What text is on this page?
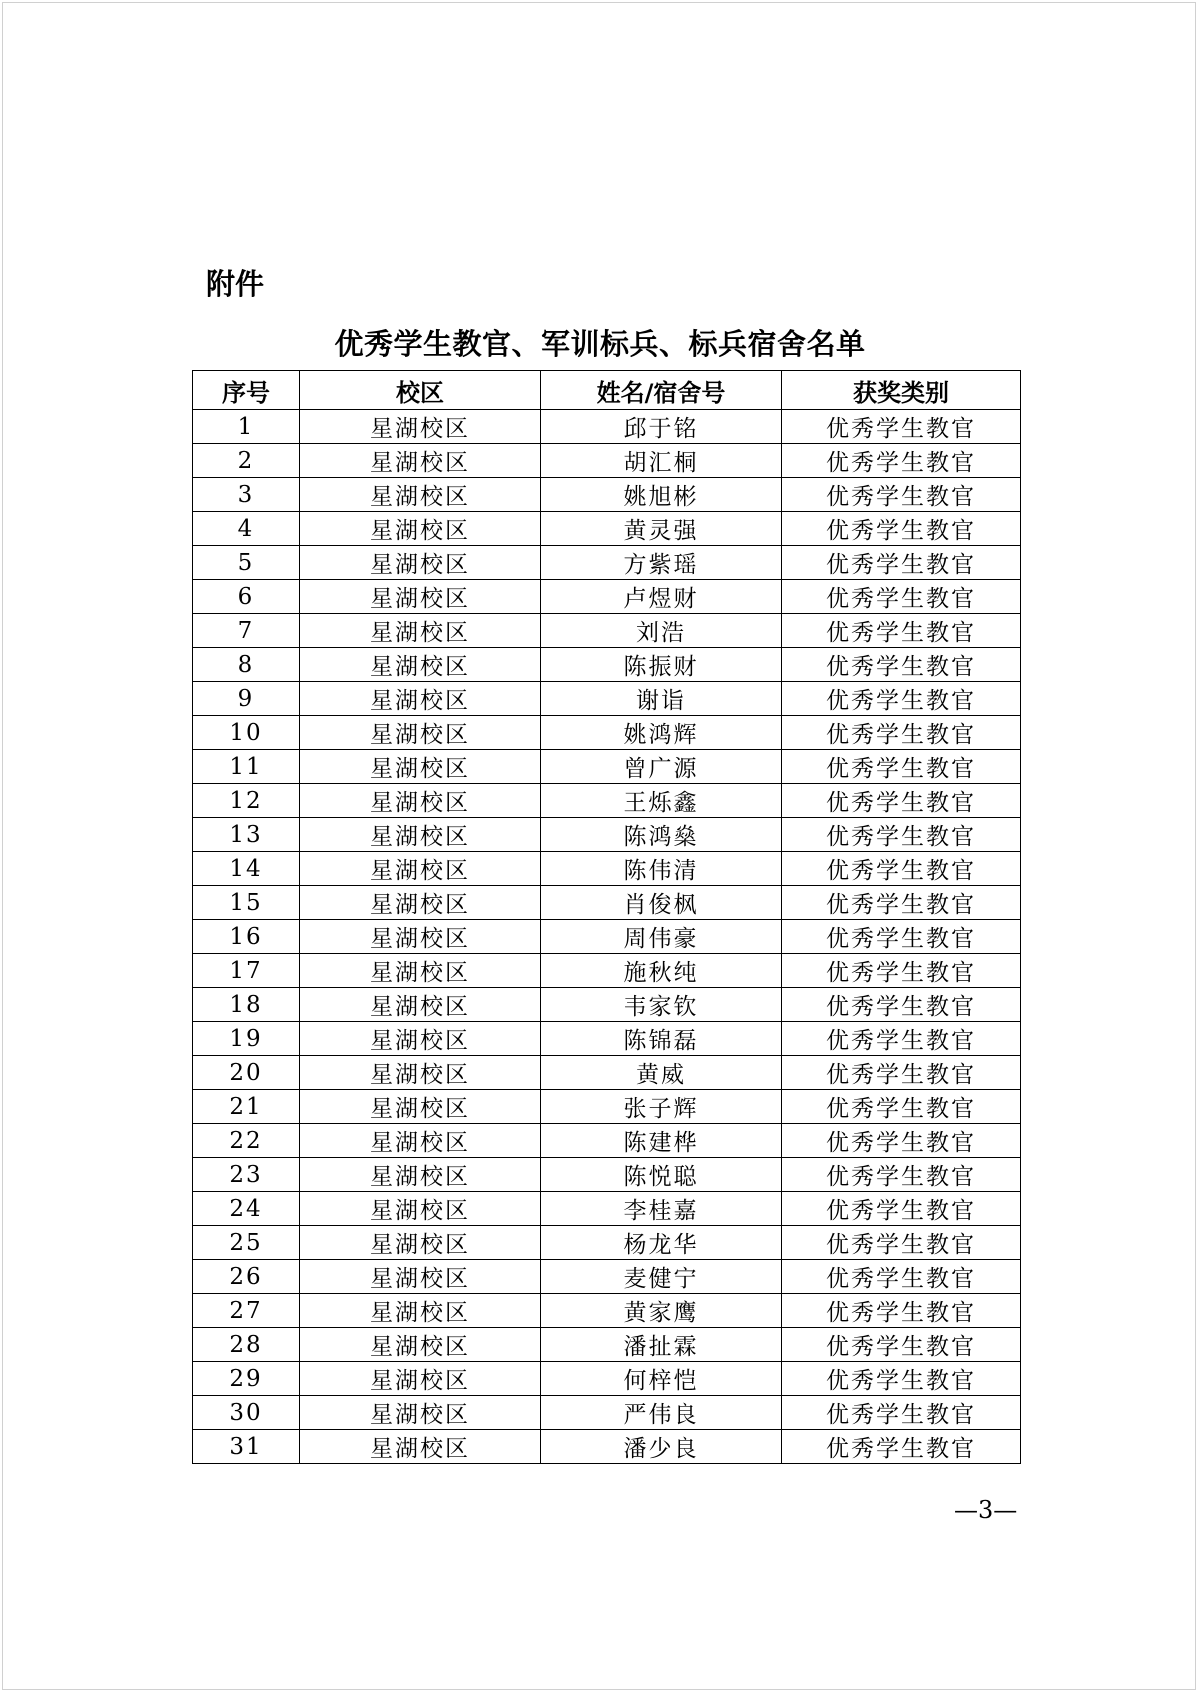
附件
优秀学生教官、军训标兵、标兵宿舍名单
序号	校区	姓名/宿舍号	获奖类别
1	星湖校区	邱于铭	优秀学生教官
2	星湖校区	胡汇桐	优秀学生教官
3	星湖校区	姚旭彬	优秀学生教官
4	星湖校区	黄灵强	优秀学生教官
5	星湖校区	方紫瑶	优秀学生教官
6	星湖校区	卢煜财	优秀学生教官
7	星湖校区	刘浩	优秀学生教官
8	星湖校区	陈振财	优秀学生教官
9	星湖校区	谢诣	优秀学生教官
10	星湖校区	姚鸿辉	优秀学生教官
11	星湖校区	曾广源	优秀学生教官
12	星湖校区	王烁鑫	优秀学生教官
13	星湖校区	陈鸿燊	优秀学生教官
14	星湖校区	陈伟清	优秀学生教官
15	星湖校区	肖俊枫	优秀学生教官
16	星湖校区	周伟豪	优秀学生教官
17	星湖校区	施秋纯	优秀学生教官
18	星湖校区	韦家钦	优秀学生教官
19	星湖校区	陈锦磊	优秀学生教官
20	星湖校区	黄威	优秀学生教官
21	星湖校区	张子辉	优秀学生教官
22	星湖校区	陈建桦	优秀学生教官
23	星湖校区	陈悦聪	优秀学生教官
24	星湖校区	李桂嘉	优秀学生教官
25	星湖校区	杨龙华	优秀学生教官
26	星湖校区	麦健宁	优秀学生教官
27	星湖校区	黄家鹰	优秀学生教官
28	星湖校区	潘扯霖	优秀学生教官
29	星湖校区	何梓恺	优秀学生教官
30	星湖校区	严伟良	优秀学生教官
31	星湖校区	潘少良	优秀学生教官
—3—
